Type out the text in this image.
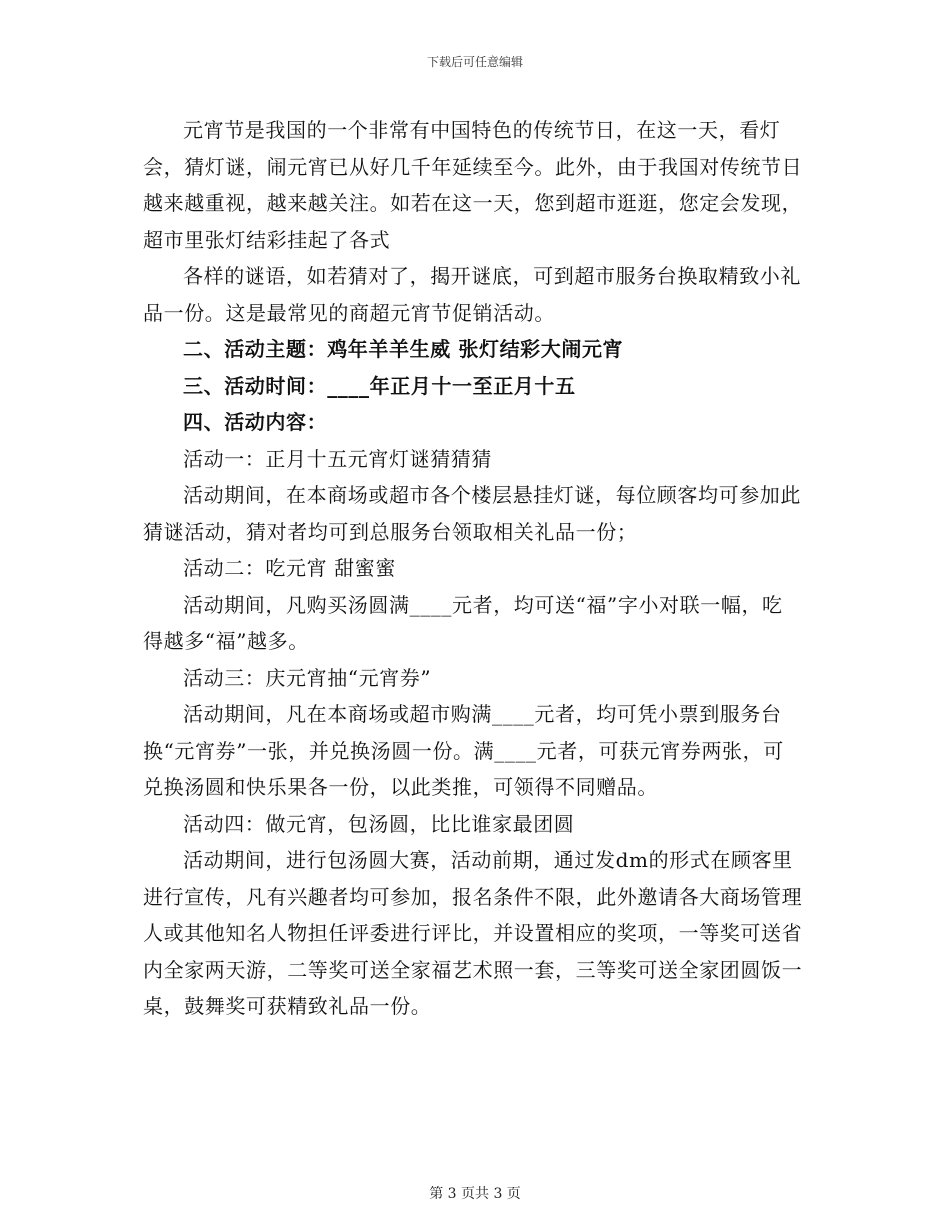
下载后可任意编辑

元宵节是我国的一个非常有中国特色的传统节日，在这一天，看灯会，猜灯谜，闹元宵已从好几千年延续至今。此外，由于我国对传统节日越来越重视，越来越关注。如若在这一天，您到超市逛逛，您定会发现，超市里张灯结彩挂起了各式

各样的谜语，如若猜对了，揭开谜底，可到超市服务台换取精致小礼品一份。这是最常见的商超元宵节促销活动。

二、活动主题：鸡年羊羊生威 张灯结彩大闹元宵

三、活动时间：____年正月十一至正月十五

四、活动内容：

活动一：正月十五元宵灯谜猜猜猜

活动期间，在本商场或超市各个楼层悬挂灯谜，每位顾客均可参加此猜谜活动，猜对者均可到总服务台领取相关礼品一份；

活动二：吃元宵 甜蜜蜜

活动期间，凡购买汤圆满____元者，均可送“福”字小对联一幅，吃得越多“福”越多。

活动三：庆元宵抽“元宵券”

活动期间，凡在本商场或超市购满____元者，均可凭小票到服务台换“元宵券”一张，并兑换汤圆一份。满____元者，可获元宵券两张，可兑换汤圆和快乐果各一份，以此类推，可领得不同赠品。

活动四：做元宵，包汤圆，比比谁家最团圆

活动期间，进行包汤圆大赛，活动前期，通过发dm的形式在顾客里进行宣传，凡有兴趣者均可参加，报名条件不限，此外邀请各大商场管理人或其他知名人物担任评委进行评比，并设置相应的奖项，一等奖可送省内全家两天游，二等奖可送全家福艺术照一套，三等奖可送全家团圆饭一桌，鼓舞奖可获精致礼品一份。

第 3 页共 3 页
